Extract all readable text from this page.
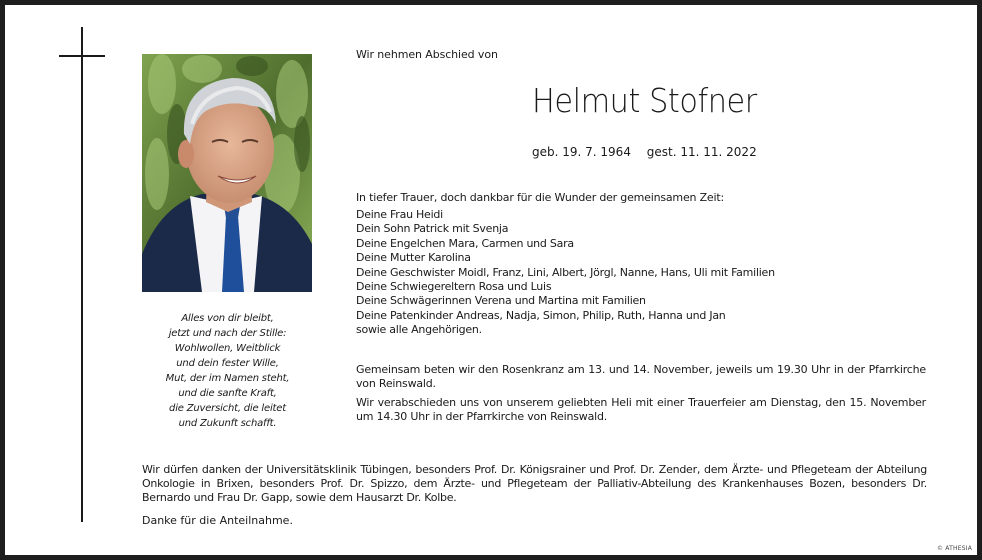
Alles von dir bleibt,
jetzt und nach der Stille:
Wohlwollen, Weitblick
und dein fester Wille,
Mut, der im Namen steht,
und die sanfte Kraft,
die Zuversicht, die leitet
und Zukunft schafft.
Wir nehmen Abschied von
Helmut Stofner
geb. 19. 7. 1964 gest. 11. 11. 2022
In tiefer Trauer, doch dankbar für die Wunder der gemeinsamen Zeit:
Deine Frau Heidi
Dein Sohn Patrick mit Svenja
Deine Engelchen Mara, Carmen und Sara
Deine Mutter Karolina
Deine Geschwister Moidl, Franz, Lini, Albert, Jörgl, Nanne, Hans, Uli mit Familien
Deine Schwiegereltern Rosa und Luis
Deine Schwägerinnen Verena und Martina mit Familien
Deine Patenkinder Andreas, Nadja, Simon, Philip, Ruth, Hanna und Jan
sowie alle Angehörigen.
Gemeinsam beten wir den Rosenkranz am 13. und 14. November, jeweils um 19.30 Uhr in der Pfarrkirche von Reinswald.
Wir verabschieden uns von unserem geliebten Heli mit einer Trauerfeier am Dienstag, den 15. November um 14.30 Uhr in der Pfarrkirche von Reinswald.
Wir dürfen danken der Universitätsklinik Tübingen, besonders Prof. Dr. Königsrainer und Prof. Dr. Zender, dem Ärzte- und Pflegeteam der Abteilung Onkologie in Brixen, besonders Prof. Dr. Spizzo, dem Ärzte- und Pflegeteam der Palliativ-Abteilung des Krankenhauses Bozen, besonders Dr. Bernardo und Frau Dr. Gapp, sowie dem Hausarzt Dr. Kolbe.
Danke für die Anteilnahme.
© ATHESIA
